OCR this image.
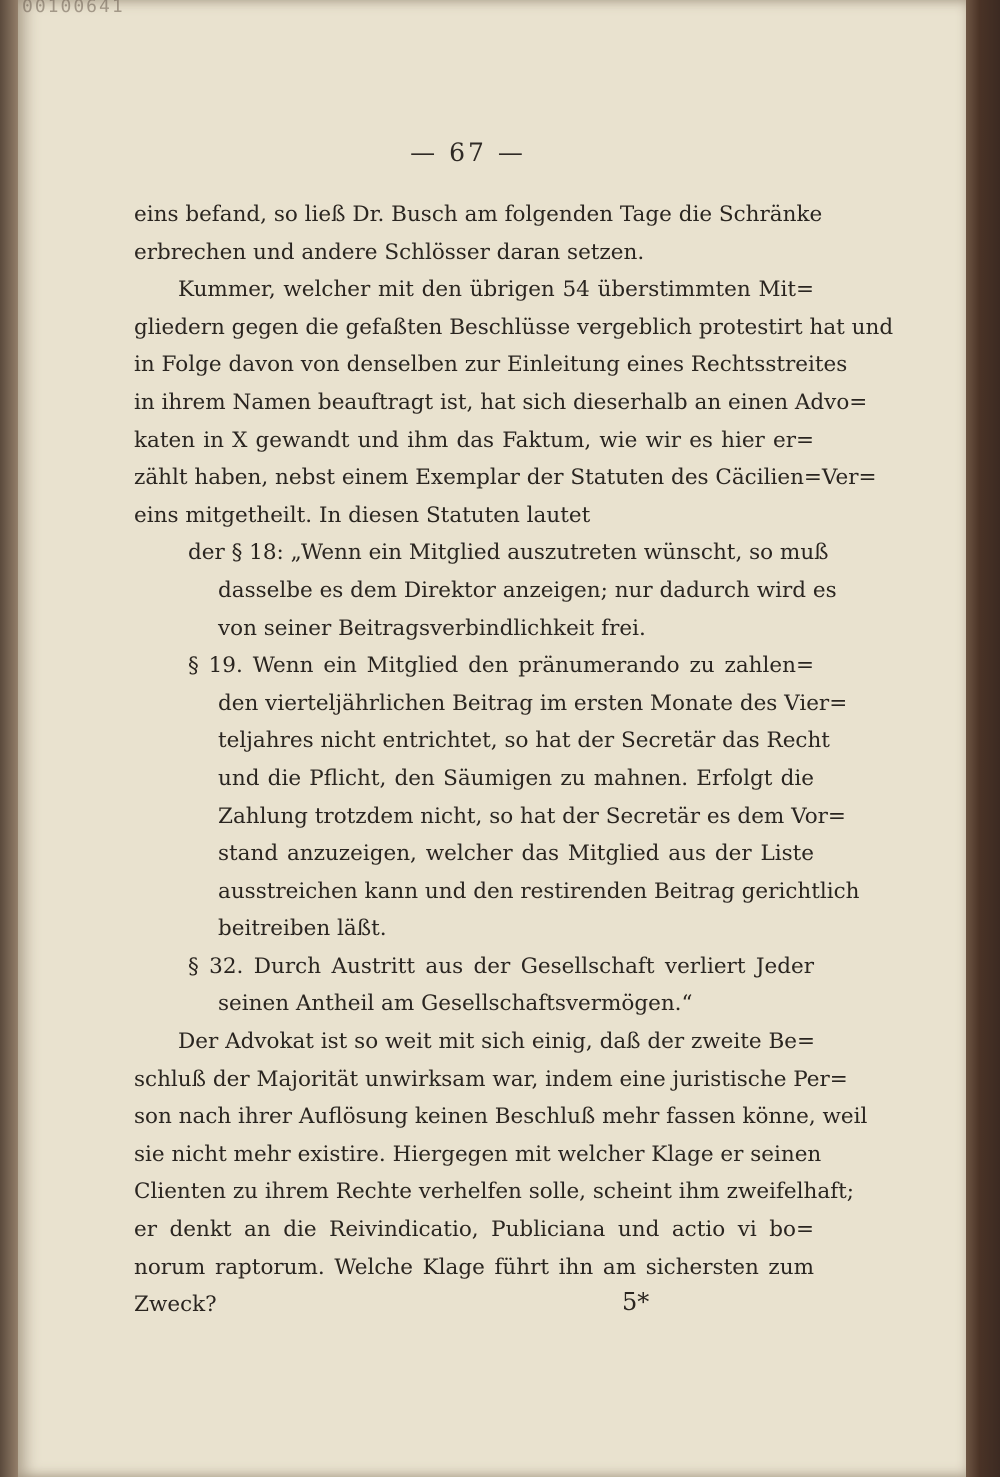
00100641
— 67 —
eins befand, so ließ Dr. Busch am folgenden Tage die Schränke
erbrechen und andere Schlösser daran setzen.
Kummer, welcher mit den übrigen 54 überstimmten Mit=
gliedern gegen die gefaßten Beschlüsse vergeblich protestirt hat und
in Folge davon von denselben zur Einleitung eines Rechtsstreites
in ihrem Namen beauftragt ist, hat sich dieserhalb an einen Advo=
katen in X gewandt und ihm das Faktum, wie wir es hier er=
zählt haben, nebst einem Exemplar der Statuten des Cäcilien=Ver=
eins mitgetheilt. In diesen Statuten lautet
der § 18: „Wenn ein Mitglied auszutreten wünscht, so muß
dasselbe es dem Direktor anzeigen; nur dadurch wird es
von seiner Beitragsverbindlichkeit frei.
§ 19. Wenn ein Mitglied den pränumerando zu zahlen=
den vierteljährlichen Beitrag im ersten Monate des Vier=
teljahres nicht entrichtet, so hat der Secretär das Recht
und die Pflicht, den Säumigen zu mahnen. Erfolgt die
Zahlung trotzdem nicht, so hat der Secretär es dem Vor=
stand anzuzeigen, welcher das Mitglied aus der Liste
ausstreichen kann und den restirenden Beitrag gerichtlich
beitreiben läßt.
§ 32. Durch Austritt aus der Gesellschaft verliert Jeder
seinen Antheil am Gesellschaftsvermögen.“
Der Advokat ist so weit mit sich einig, daß der zweite Be=
schluß der Majorität unwirksam war, indem eine juristische Per=
son nach ihrer Auflösung keinen Beschluß mehr fassen könne, weil
sie nicht mehr existire. Hiergegen mit welcher Klage er seinen
Clienten zu ihrem Rechte verhelfen solle, scheint ihm zweifelhaft;
er denkt an die Reivindicatio, Publiciana und actio vi bo=
norum raptorum. Welche Klage führt ihn am sichersten zum
Zweck?	5*
